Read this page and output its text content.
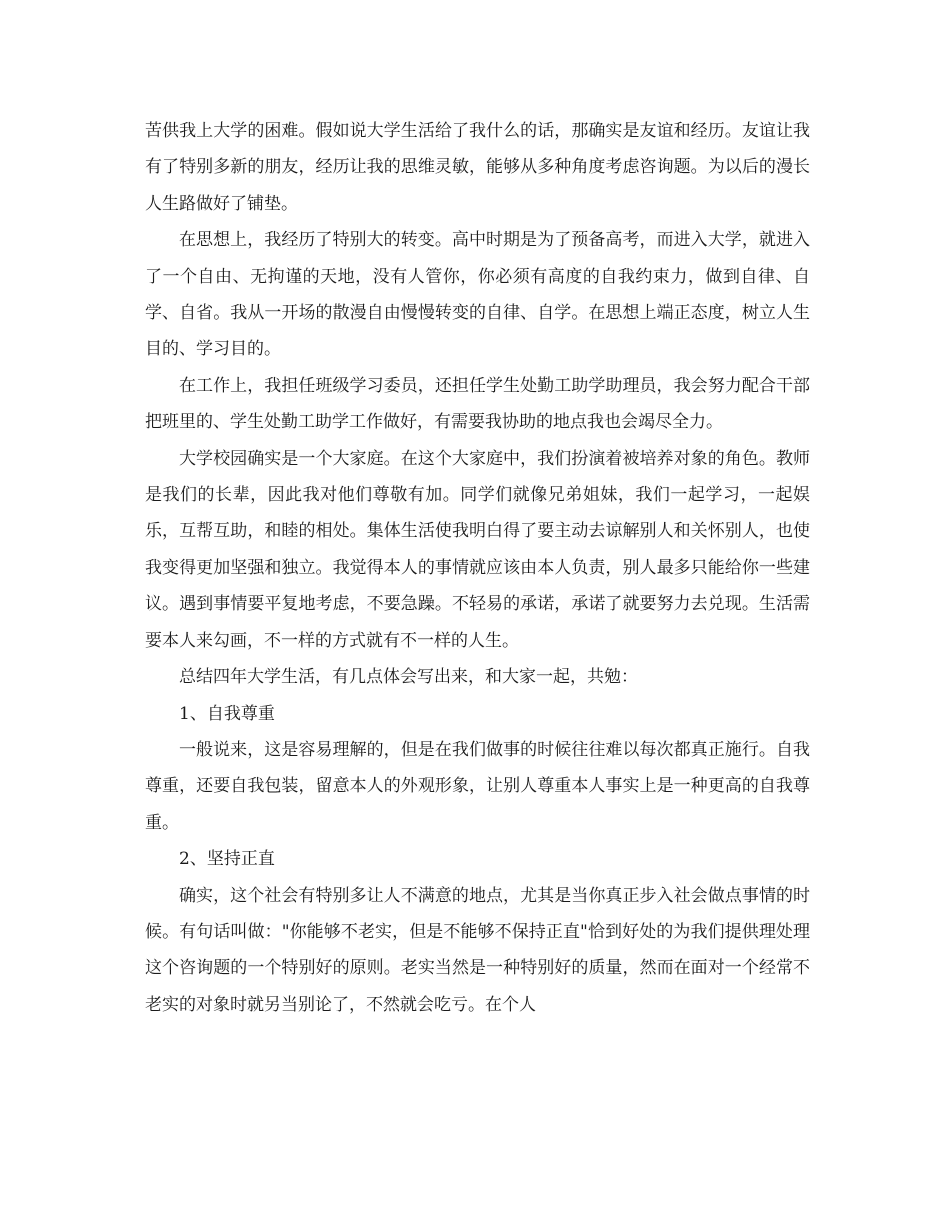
苦供我上大学的困难。假如说大学生活给了我什么的话，那确实是友谊和经历。友谊让我有了特别多新的朋友，经历让我的思维灵敏，能够从多种角度考虑咨询题。为以后的漫长人生路做好了铺垫。

在思想上，我经历了特别大的转变。高中时期是为了预备高考，而进入大学，就进入了一个自由、无拘谨的天地，没有人管你，你必须有高度的自我约束力，做到自律、自学、自省。我从一开场的散漫自由慢慢转变的自律、自学。在思想上端正态度，树立人生目的、学习目的。

在工作上，我担任班级学习委员，还担任学生处勤工助学助理员，我会努力配合干部把班里的、学生处勤工助学工作做好，有需要我协助的地点我也会竭尽全力。

大学校园确实是一个大家庭。在这个大家庭中，我们扮演着被培养对象的角色。教师是我们的长辈，因此我对他们尊敬有加。同学们就像兄弟姐妹，我们一起学习，一起娱乐，互帮互助，和睦的相处。集体生活使我明白得了要主动去谅解别人和关怀别人，也使我变得更加坚强和独立。我觉得本人的事情就应该由本人负责，别人最多只能给你一些建议。遇到事情要平复地考虑，不要急躁。不轻易的承诺，承诺了就要努力去兑现。生活需要本人来勾画，不一样的方式就有不一样的人生。

总结四年大学生活，有几点体会写出来，和大家一起，共勉：

1、自我尊重

一般说来，这是容易理解的，但是在我们做事的时候往往难以每次都真正施行。自我尊重，还要自我包装，留意本人的外观形象，让别人尊重本人事实上是一种更高的自我尊重。

2、坚持正直

确实，这个社会有特别多让人不满意的地点，尤其是当你真正步入社会做点事情的时候。有句话叫做："你能够不老实，但是不能够不保持正直"恰到好处的为我们提供理处理这个咨询题的一个特别好的原则。老实当然是一种特别好的质量，然而在面对一个经常不老实的对象时就另当别论了，不然就会吃亏。在个人
